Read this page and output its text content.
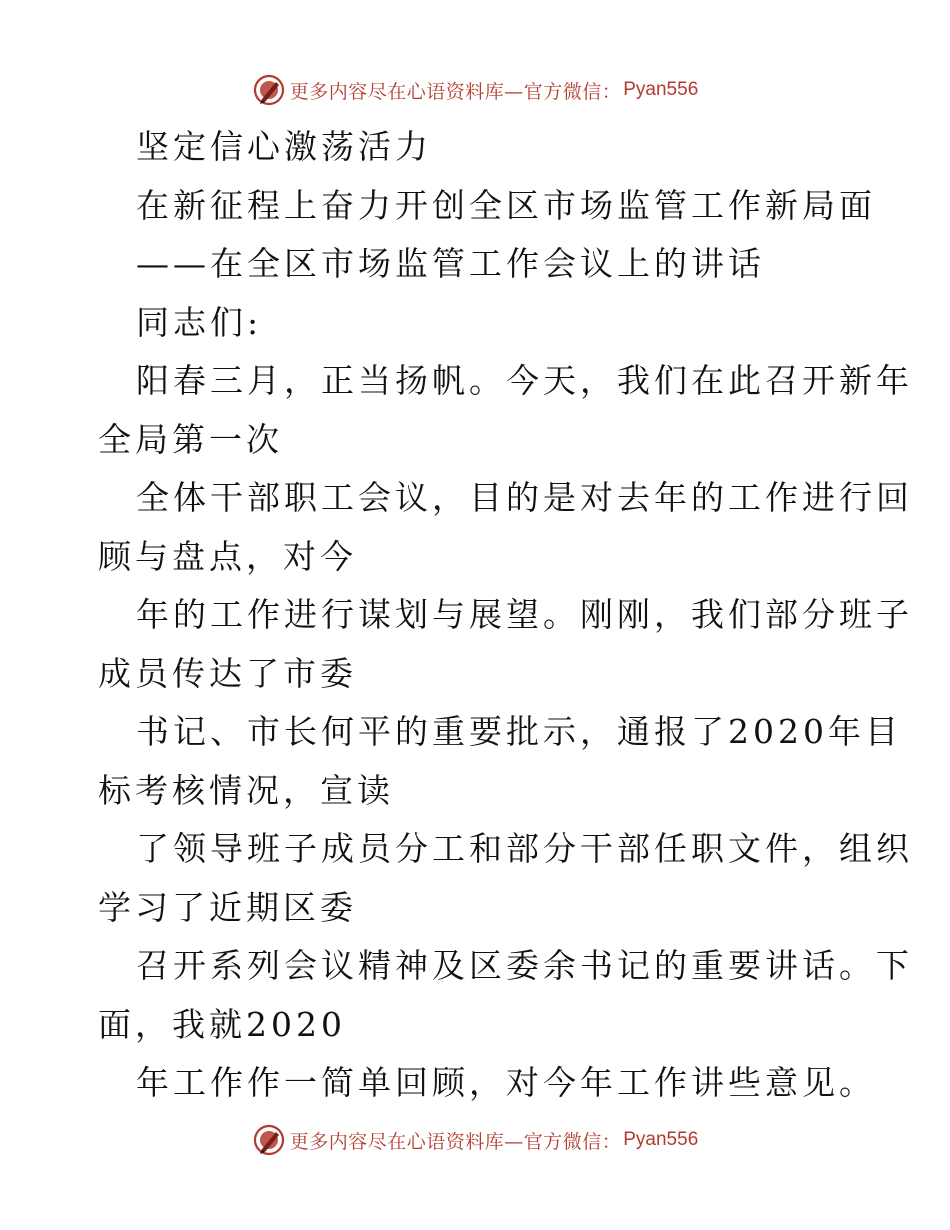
更多内容尽在心语资料库—官方微信： Pyan556
坚定信心激荡活力
在新征程上奋力开创全区市场监管工作新局面
——在全区市场监管工作会议上的讲话
同志们:
阳春三月，正当扬帆。今天，我们在此召开新年
全局第一次
全体干部职工会议，目的是对去年的工作进行回
顾与盘点，对今
年的工作进行谋划与展望。刚刚，我们部分班子
成员传达了市委
书记、市长何平的重要批示，通报了2020年目
标考核情况，宣读
了领导班子成员分工和部分干部任职文件，组织
学习了近期区委
召开系列会议精神及区委余书记的重要讲话。下
面，我就2020
年工作作一简单回顾，对今年工作讲些意见。
更多内容尽在心语资料库—官方微信： Pyan556
